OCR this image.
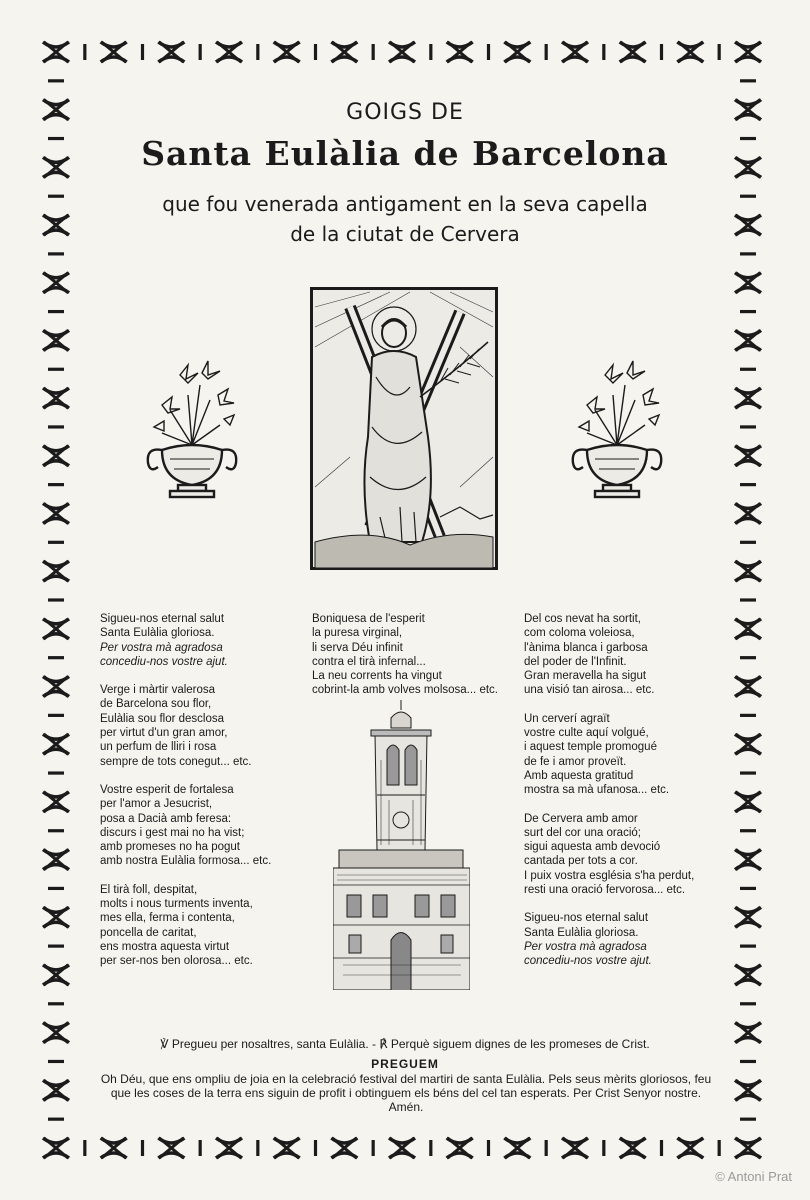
GOIGS DE
Santa Eulàlia de Barcelona
que fou venerada antigament en la seva capella
de la ciutat de Cervera
Sigueu-nos eternal salut
Santa Eulàlia gloriosa.
Per vostra mà agradosa
concediu-nos vostre ajut.
Verge i màrtir valerosa
de Barcelona sou flor,
Eulàlia sou flor desclosa
per virtut d'un gran amor,
un perfum de lliri i rosa
sempre de tots conegut... etc.
Vostre esperit de fortalesa
per l'amor a Jesucrist,
posa a Dacià amb feresa:
discurs i gest mai no ha vist;
amb promeses no ha pogut
amb nostra Eulàlia formosa... etc.
El tirà foll, despitat,
molts i nous turments inventa,
mes ella, ferma i contenta,
poncella de caritat,
ens mostra aquesta virtut
per ser-nos ben olorosa... etc.
Boniquesa de l'esperit
la puresa virginal,
li serva Déu infinit
contra el tirà infernal...
La neu corrents ha vingut
cobrint-la amb volves molsosa... etc.
Del cos nevat ha sortit,
com coloma voleiosa,
l'ànima blanca i garbosa
del poder de l'Infinit.
Gran meravella ha sigut
una visió tan airosa... etc.
Un cerverí agraït
vostre culte aquí volgué,
i aquest temple promogué
de fe i amor proveït.
Amb aquesta gratitud
mostra sa mà ufanosa... etc.
De Cervera amb amor
surt del cor una oració;
sigui aquesta amb devoció
cantada per tots a cor.
I puix vostra església s'ha perdut,
resti una oració fervorosa... etc.
Sigueu-nos eternal salut
Santa Eulàlia gloriosa.
Per vostra mà agradosa
concediu-nos vostre ajut.
℣ Pregueu per nosaltres, santa Eulàlia. - ℟ Perquè siguem dignes de les promeses de Crist.
PREGUEM
Oh Déu, que ens ompliu de joia en la celebració festival del martiri de santa Eulàlia. Pels seus mèrits gloriosos, feu que les coses de la terra ens siguin de profit i obtinguem els béns del cel tan esperats. Per Crist Senyor nostre. Amén.
© Antoni Prat
